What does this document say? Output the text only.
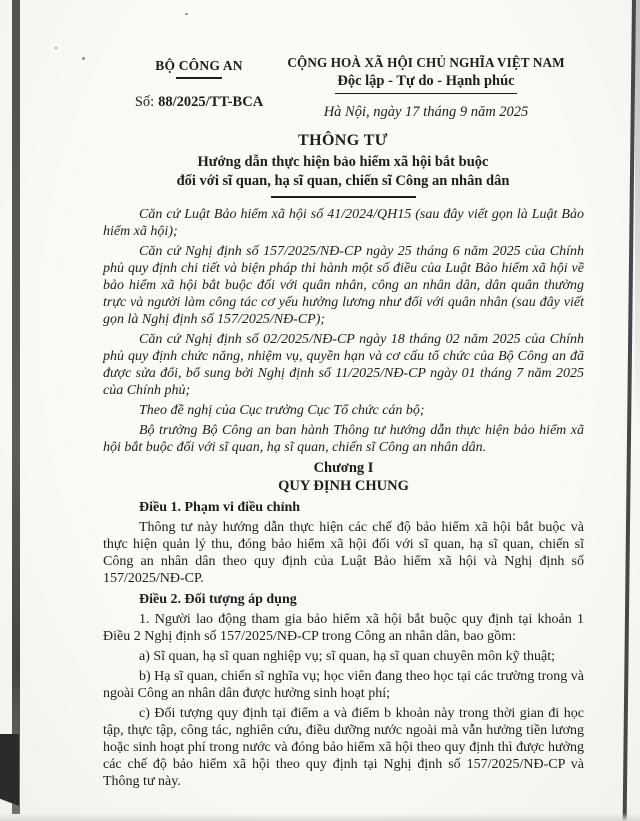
BỘ CÔNG AN
Số: 88/2025/TT-BCA
CỘNG HOÀ XÃ HỘI CHỦ NGHĨA VIỆT NAM
Độc lập - Tự do - Hạnh phúc
Hà Nội, ngày 17 tháng 9 năm 2025
THÔNG TƯ
Hướng dẫn thực hiện bảo hiểm xã hội bắt buộc
đối với sĩ quan, hạ sĩ quan, chiến sĩ Công an nhân dân

Căn cứ Luật Bảo hiểm xã hội số 41/2024/QH15 (sau đây viết gọn là Luật Bảo hiểm xã hội);

Căn cứ Nghị định số 157/2025/NĐ-CP ngày 25 tháng 6 năm 2025 của Chính phủ quy định chi tiết và biện pháp thi hành một số điều của Luật Bảo hiểm xã hội về bảo hiểm xã hội bắt buộc đối với quân nhân, công an nhân dân, dân quân thường trực và người làm công tác cơ yếu hưởng lương như đối với quân nhân (sau đây viết gọn là Nghị định số 157/2025/NĐ-CP);

Căn cứ Nghị định số 02/2025/NĐ-CP ngày 18 tháng 02 năm 2025 của Chính phủ quy định chức năng, nhiệm vụ, quyền hạn và cơ cấu tổ chức của Bộ Công an đã được sửa đổi, bổ sung bởi Nghị định số 11/2025/NĐ-CP ngày 01 tháng 7 năm 2025 của Chính phủ;

Theo đề nghị của Cục trưởng Cục Tổ chức cán bộ;

Bộ trưởng Bộ Công an ban hành Thông tư hướng dẫn thực hiện bảo hiểm xã hội bắt buộc đối với sĩ quan, hạ sĩ quan, chiến sĩ Công an nhân dân.

Chương I
QUY ĐỊNH CHUNG

Điều 1. Phạm vi điều chỉnh

Thông tư này hướng dẫn thực hiện các chế độ bảo hiểm xã hội bắt buộc và thực hiện quản lý thu, đóng bảo hiểm xã hội đối với sĩ quan, hạ sĩ quan, chiến sĩ Công an nhân dân theo quy định của Luật Bảo hiểm xã hội và Nghị định số 157/2025/NĐ-CP.

Điều 2. Đối tượng áp dụng

1. Người lao động tham gia bảo hiểm xã hội bắt buộc quy định tại khoản 1 Điều 2 Nghị định số 157/2025/NĐ-CP trong Công an nhân dân, bao gồm:

a) Sĩ quan, hạ sĩ quan nghiệp vụ; sĩ quan, hạ sĩ quan chuyên môn kỹ thuật;

b) Hạ sĩ quan, chiến sĩ nghĩa vụ; học viên đang theo học tại các trường trong và ngoài Công an nhân dân được hưởng sinh hoạt phí;

c) Đối tượng quy định tại điểm a và điểm b khoản này trong thời gian đi học tập, thực tập, công tác, nghiên cứu, điều dưỡng nước ngoài mà vẫn hưởng tiền lương hoặc sinh hoạt phí trong nước và đóng bảo hiểm xã hội theo quy định thì được hưởng các chế độ bảo hiểm xã hội theo quy định tại Nghị định số 157/2025/NĐ-CP và Thông tư này.
